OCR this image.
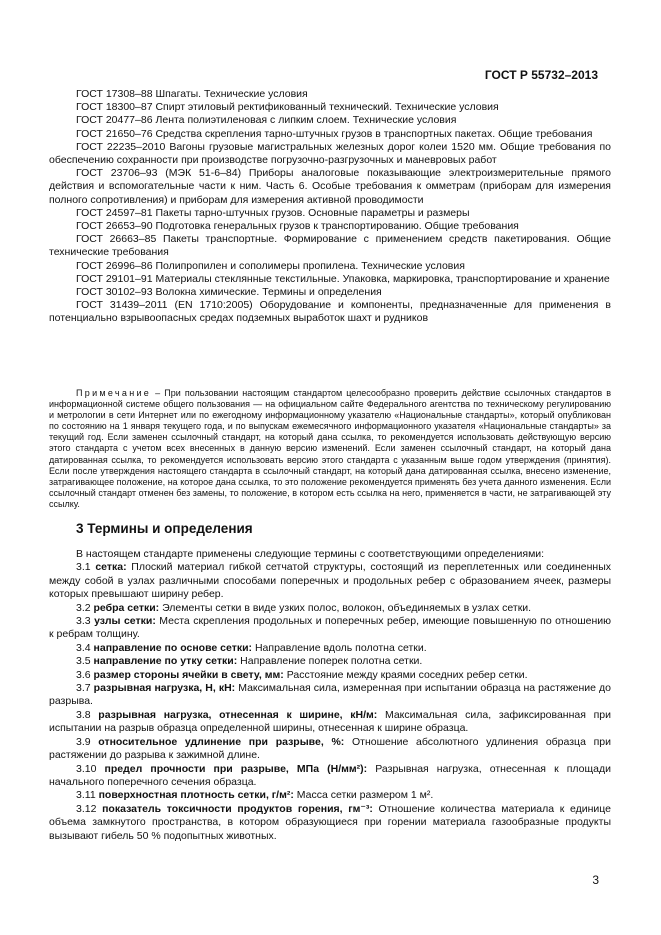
ГОСТ Р 55732–2013

ГОСТ 17308–88 Шпагаты. Технические условия

ГОСТ 18300–87 Спирт этиловый ректификованный технический. Технические условия

ГОСТ 20477–86 Лента полиэтиленовая с липким слоем. Технические условия

ГОСТ 21650–76 Средства скрепления тарно-штучных грузов в транспортных пакетах. Общие требования

ГОСТ 22235–2010 Вагоны грузовые магистральных железных дорог колеи 1520 мм. Общие требования по обеспечению сохранности при производстве погрузочно-разгрузочных и маневровых работ

ГОСТ 23706–93 (МЭК 51-6–84) Приборы аналоговые показывающие электроизмерительные прямого действия и вспомогательные части к ним. Часть 6. Особые требования к омметрам (приборам для измерения полного сопротивления) и приборам для измерения активной проводимости

ГОСТ 24597–81 Пакеты тарно-штучных грузов. Основные параметры и размеры

ГОСТ 26653–90 Подготовка генеральных грузов к транспортированию. Общие требования

ГОСТ 26663–85 Пакеты транспортные. Формирование с применением средств пакетирования. Общие технические требования

ГОСТ 26996–86 Полипропилен и сополимеры пропилена. Технические условия

ГОСТ 29101–91 Материалы стеклянные текстильные. Упаковка, маркировка, транспортирование и хранение

ГОСТ 30102–93 Волокна химические. Термины и определения

ГОСТ 31439–2011 (EN 1710:2005) Оборудование и компоненты, предназначенные для применения в потенциально взрывоопасных средах подземных выработок шахт и рудников

Примечание – При пользовании настоящим стандартом целесообразно проверить действие ссылочных стандартов в информационной системе общего пользования — на официальном сайте Федерального агентства по техническому регулированию и метрологии в сети Интернет или по ежегодному информационному указателю «Национальные стандарты», который опубликован по состоянию на 1 января текущего года, и по выпускам ежемесячного информационного указателя «Национальные стандарты» за текущий год. Если заменен ссылочный стандарт, на который дана ссылка, то рекомендуется использовать действующую версию этого стандарта с учетом всех внесенных в данную версию изменений. Если заменен ссылочный стандарт, на который дана датированная ссылка, то рекомендуется использовать версию этого стандарта с указанным выше годом утверждения (принятия). Если после утверждения настоящего стандарта в ссылочный стандарт, на который дана датированная ссылка, внесено изменение, затрагивающее положение, на которое дана ссылка, то это положение рекомендуется применять без учета данного изменения. Если ссылочный стандарт отменен без замены, то положение, в котором есть ссылка на него, применяется в части, не затрагивающей эту ссылку.

3 Термины и определения

В настоящем стандарте применены следующие термины с соответствующими определениями:

3.1 сетка: Плоский материал гибкой сетчатой структуры, состоящий из переплетенных или соединенных между собой в узлах различными способами поперечных и продольных ребер с образованием ячеек, размеры которых превышают ширину ребер.

3.2 ребра сетки: Элементы сетки в виде узких полос, волокон, объединяемых в узлах сетки.

3.3 узлы сетки: Места скрепления продольных и поперечных ребер, имеющие повышенную по отношению к ребрам толщину.

3.4 направление по основе сетки: Направление вдоль полотна сетки.

3.5 направление по утку сетки: Направление поперек полотна сетки.

3.6 размер стороны ячейки в свету, мм: Расстояние между краями соседних ребер сетки.

3.7 разрывная нагрузка, Н, кН: Максимальная сила, измеренная при испытании образца на растяжение до разрыва.

3.8 разрывная нагрузка, отнесенная к ширине, кН/м: Максимальная сила, зафиксированная при испытании на разрыв образца определенной ширины, отнесенная к ширине образца.

3.9 относительное удлинение при разрыве, %: Отношение абсолютного удлинения образца при растяжении до разрыва к зажимной длине.

3.10 предел прочности при разрыве, МПа (Н/мм²): Разрывная нагрузка, отнесенная к площади начального поперечного сечения образца.

3.11 поверхностная плотность сетки, г/м²: Масса сетки размером 1 м².

3.12 показатель токсичности продуктов горения, гм⁻³: Отношение количества материала к единице объема замкнутого пространства, в котором образующиеся при горении материала газообразные продукты вызывают гибель 50 % подопытных животных.

3
